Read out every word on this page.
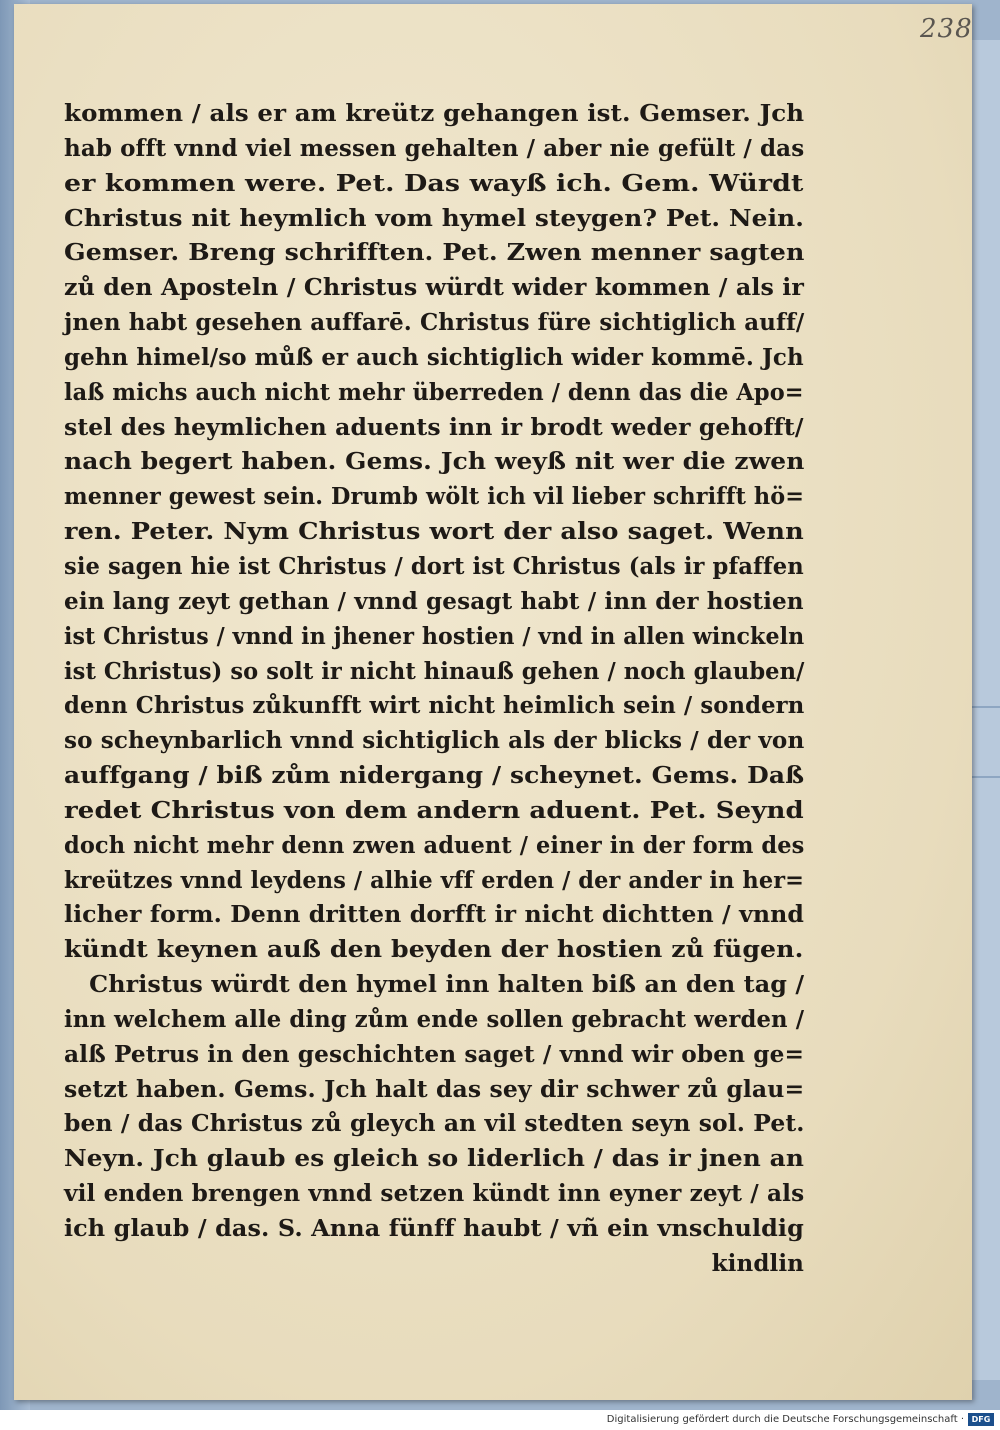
238
kommen / als er am kreütz gehangen ist. Gemser. Jch
hab offt vnnd viel messen gehalten / aber nie gefült / das
er kommen were. Pet. Das wayß ich. Gem. Würdt
Christus nit heymlich vom hymel steygen? Pet. Nein.
Gemser. Breng schrifften. Pet. Zwen menner sagten
zů den Aposteln / Christus würdt wider kommen / als ir
jnen habt gesehen auffarē. Christus füre sichtiglich auff/
gehn himel/so můß er auch sichtiglich wider kommē. Jch
laß michs auch nicht mehr überreden / denn das die Apo=
stel des heymlichen aduents inn ir brodt weder gehofft/
nach begert haben. Gems. Jch weyß nit wer die zwen
menner gewest sein. Drumb wölt ich vil lieber schrifft hö=
ren. Peter. Nym Christus wort der also saget. Wenn
sie sagen hie ist Christus / dort ist Christus (als ir pfaffen
ein lang zeyt gethan / vnnd gesagt habt / inn der hostien
ist Christus / vnnd in jhener hostien / vnd in allen winckeln
ist Christus) so solt ir nicht hinauß gehen / noch glauben/
denn Christus zůkunfft wirt nicht heimlich sein / sondern
so scheynbarlich vnnd sichtiglich als der blicks / der von
auffgang / biß zům nidergang / scheynet. Gems. Daß
redet Christus von dem andern aduent. Pet. Seynd
doch nicht mehr denn zwen aduent / einer in der form des
kreützes vnnd leydens / alhie vff erden / der ander in her=
licher form. Denn dritten dorfft ir nicht dichtten / vnnd
kündt keynen auß den beyden der hostien zů fügen.
Christus würdt den hymel inn halten biß an den tag /
inn welchem alle ding zům ende sollen gebracht werden /
alß Petrus in den geschichten saget / vnnd wir oben ge=
setzt haben. Gems. Jch halt das sey dir schwer zů glau=
ben / das Christus zů gleych an vil stedten seyn sol. Pet.
Neyn. Jch glaub es gleich so liderlich / das ir jnen an
vil enden brengen vnnd setzen kündt inn eyner zeyt / als
ich glaub / das. S. Anna fünff haubt / vñ ein vnschuldig
kindlin
Digitalisierung gefördert durch die Deutsche Forschungsgemeinschaft · DFG
